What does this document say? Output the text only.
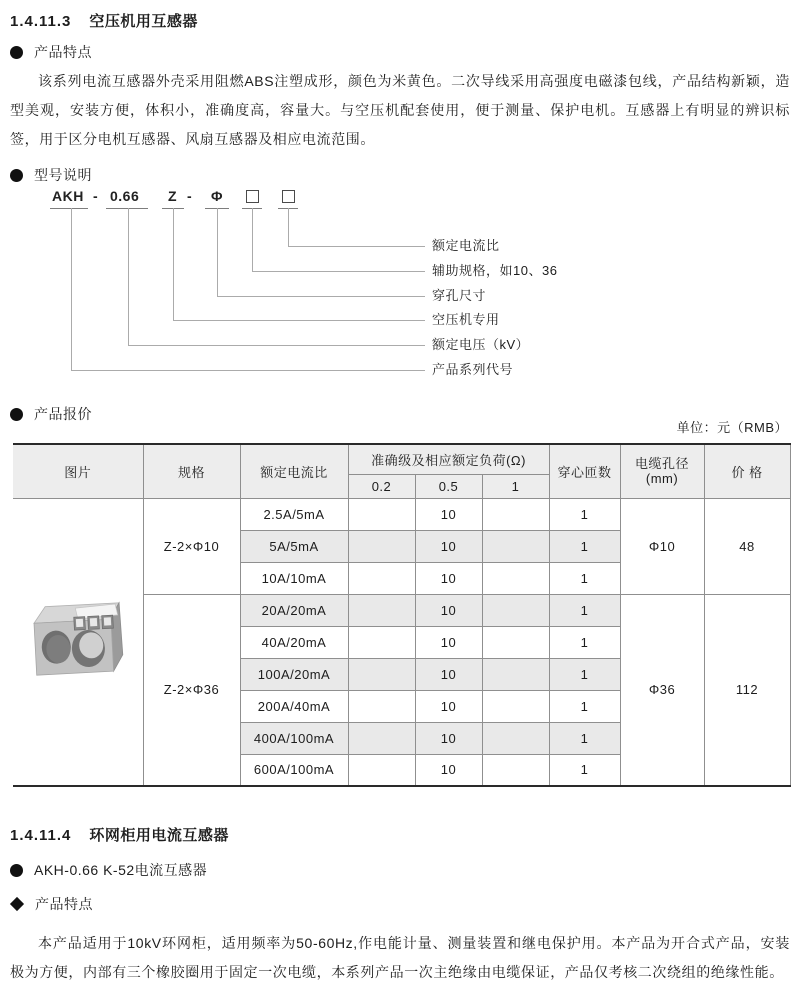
1.4.11.3 空压机用互感器
产品特点

该系列电流互感器外壳采用阻燃ABS注塑成形，颜色为米黄色。二次导线采用高强度电磁漆包线，产品结构新颖，造型美观，安装方便，体积小，准确度高，容量大。与空压机配套使用，便于测量、保护电机。互感器上有明显的辨识标签，用于区分电机互感器、风扇互感器及相应电流范围。

型号说明
AKH - 0.66 Z - Φ
额定电流比
辅助规格，如10、36
穿孔尺寸
空压机专用
额定电压（kV）
产品系列代号
产品报价
单位：元（RMB）
图片	规格	额定电流比	准确级及相应额定负荷(Ω)			穿心匝数	电缆孔径
(mm)	价 格
			0.2	0.5	1			
	Z-2×Φ10	2.5A/5mA		10		1	Φ10	48
		5A/5mA		10		1		
		10A/10mA		10		1		
	Z-2×Φ36	20A/20mA		10		1	Φ36	112
		40A/20mA		10		1		
		100A/20mA		10		1		
		200A/40mA		10		1		
		400A/100mA		10		1		
		600A/100mA		10		1		
1.4.11.4 环网柜用电流互感器
AKH-0.66 K-52电流互感器
产品特点

本产品适用于10kV环网柜，适用频率为50-60Hz,作电能计量、测量装置和继电保护用。本产品为开合式产品，安装极为方便，内部有三个橡胶圈用于固定一次电缆，本系列产品一次主绝缘由电缆保证，产品仅考核二次绕组的绝缘性能。
